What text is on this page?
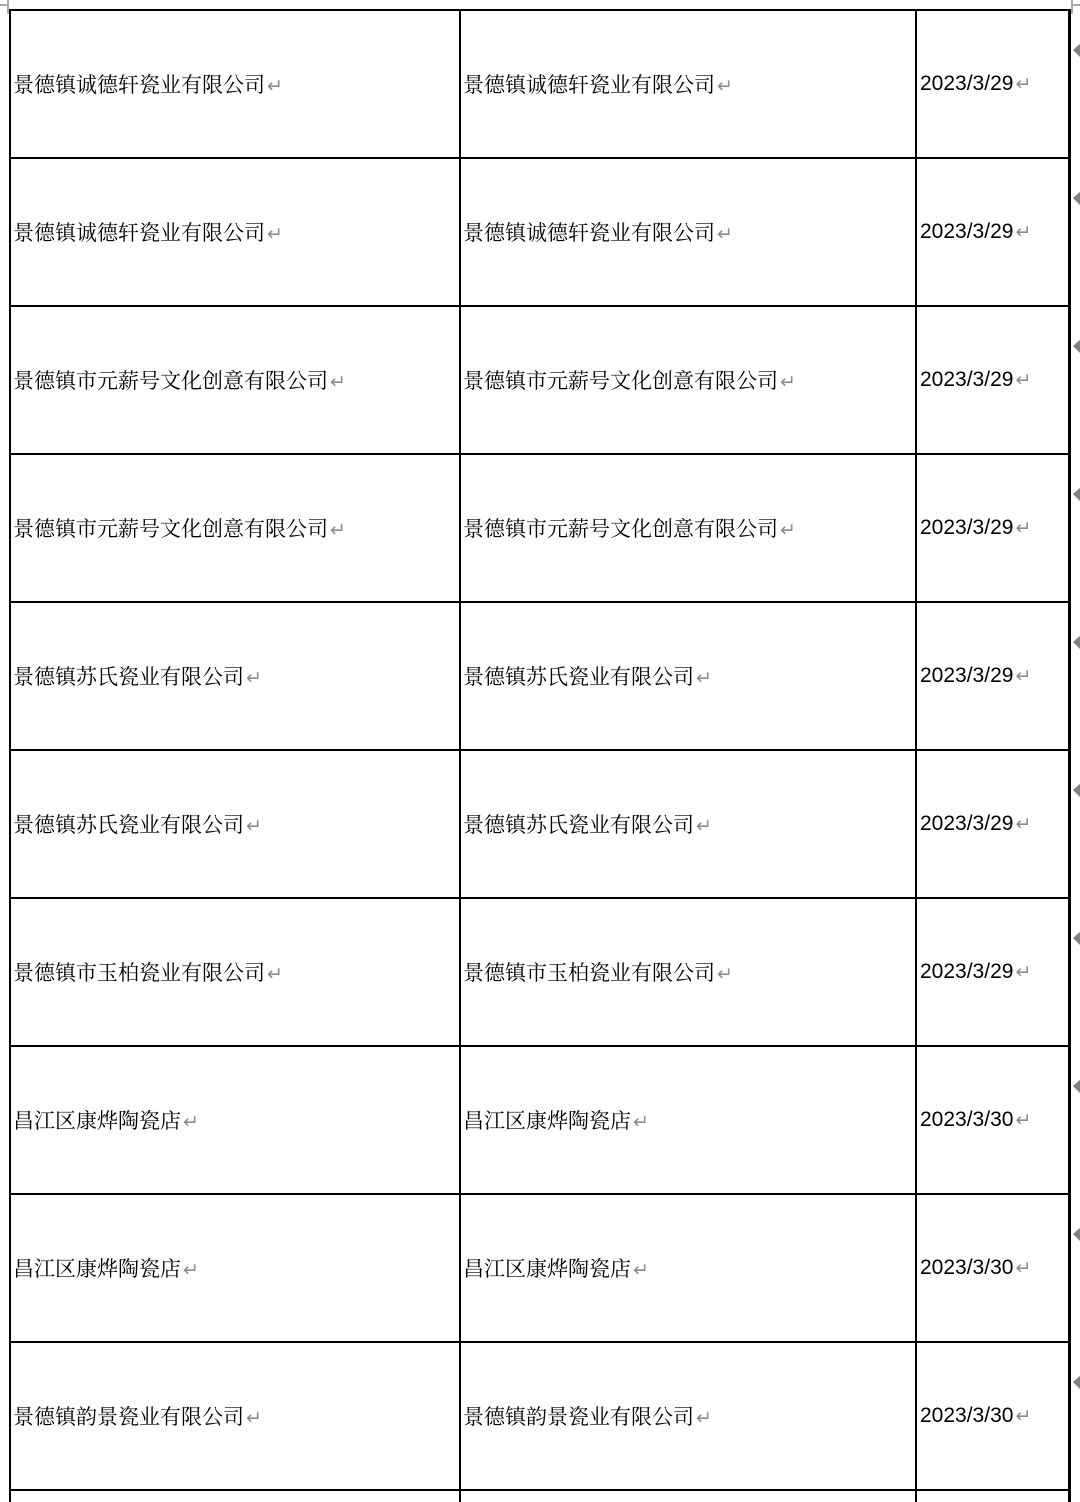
景德镇诚德轩瓷业有限公司 ↵	景德镇诚德轩瓷业有限公司 ↵	2023/3/29 ↵
景德镇诚德轩瓷业有限公司 ↵	景德镇诚德轩瓷业有限公司 ↵	2023/3/29 ↵
景德镇市元薪号文化创意有限公司 ↵	景德镇市元薪号文化创意有限公司 ↵	2023/3/29 ↵
景德镇市元薪号文化创意有限公司 ↵	景德镇市元薪号文化创意有限公司 ↵	2023/3/29 ↵
景德镇苏氏瓷业有限公司 ↵	景德镇苏氏瓷业有限公司 ↵	2023/3/29 ↵
景德镇苏氏瓷业有限公司 ↵	景德镇苏氏瓷业有限公司 ↵	2023/3/29 ↵
景德镇市玉柏瓷业有限公司 ↵	景德镇市玉柏瓷业有限公司 ↵	2023/3/29 ↵
昌江区康烨陶瓷店 ↵	昌江区康烨陶瓷店 ↵	2023/3/30 ↵
昌江区康烨陶瓷店 ↵	昌江区康烨陶瓷店 ↵	2023/3/30 ↵
景德镇韵景瓷业有限公司 ↵	景德镇韵景瓷业有限公司 ↵	2023/3/30 ↵
